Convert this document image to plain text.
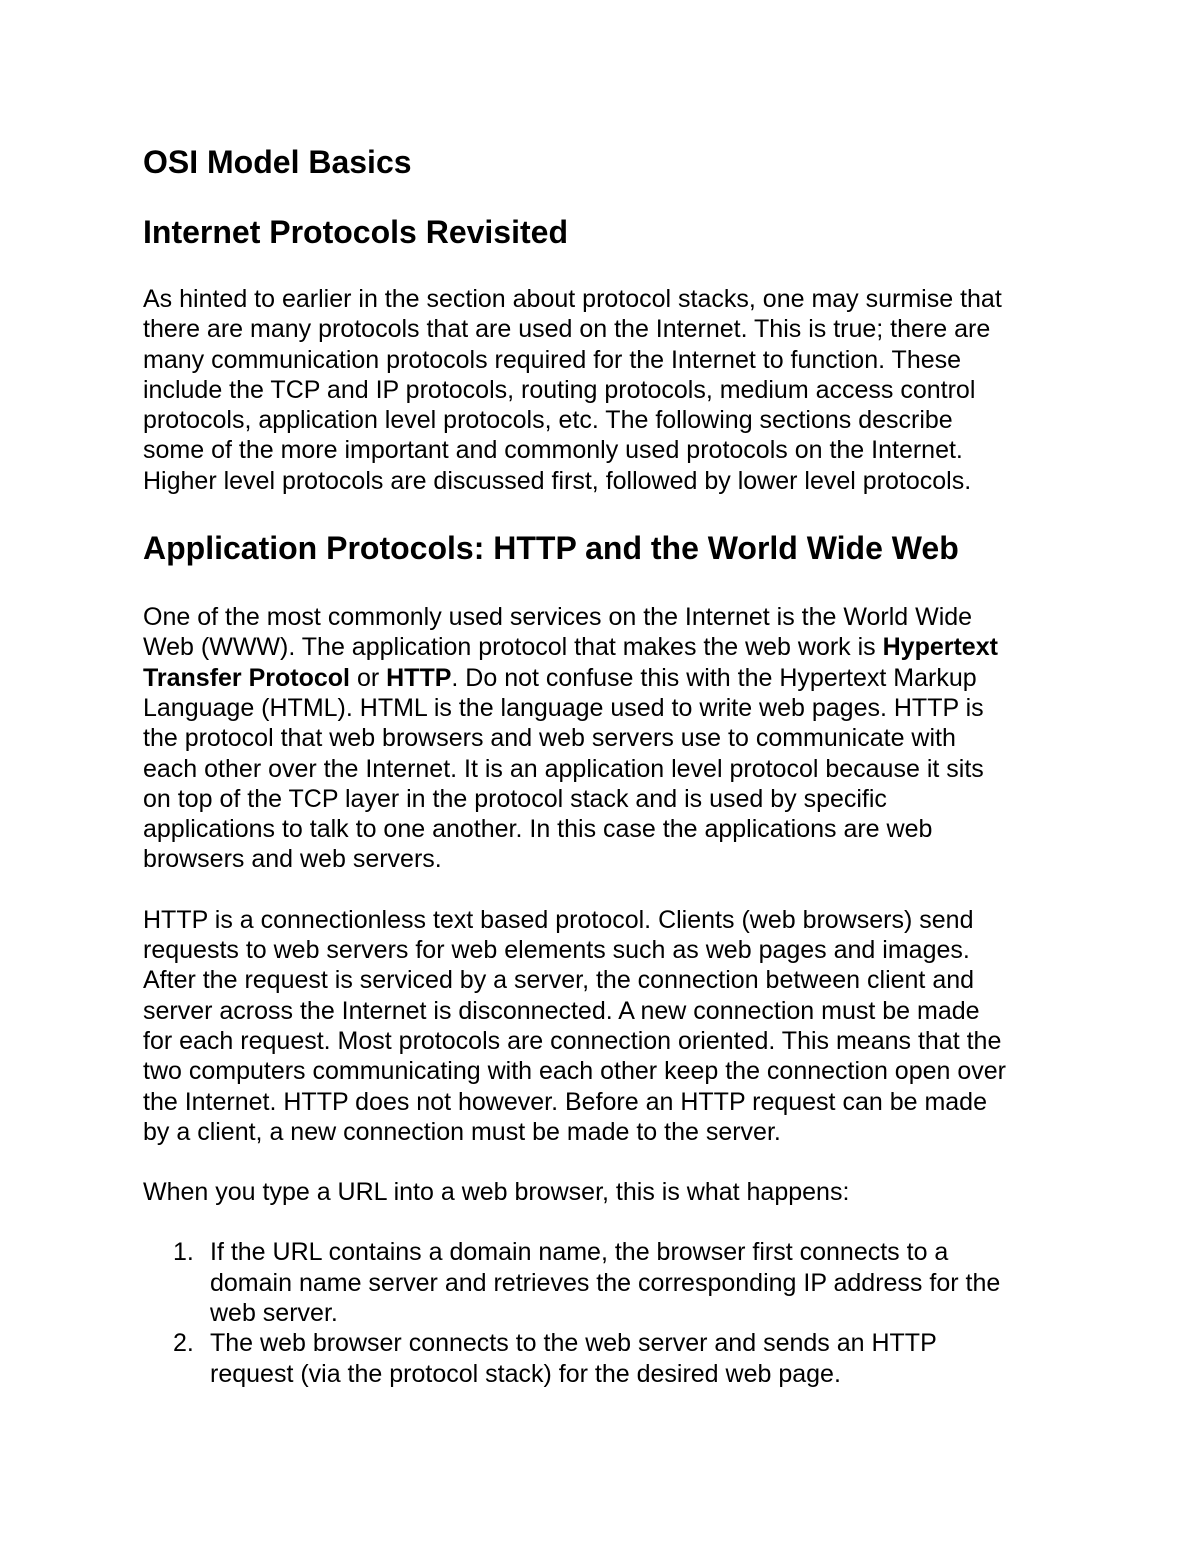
OSI Model Basics
Internet Protocols Revisited

As hinted to earlier in the section about protocol stacks, one may surmise that
there are many protocols that are used on the Internet. This is true; there are
many communication protocols required for the Internet to function. These
include the TCP and IP protocols, routing protocols, medium access control
protocols, application level protocols, etc. The following sections describe
some of the more important and commonly used protocols on the Internet.
Higher level protocols are discussed first, followed by lower level protocols.

Application Protocols: HTTP and the World Wide Web

One of the most commonly used services on the Internet is the World Wide
Web (WWW). The application protocol that makes the web work is Hypertext
Transfer Protocol or HTTP. Do not confuse this with the Hypertext Markup
Language (HTML). HTML is the language used to write web pages. HTTP is
the protocol that web browsers and web servers use to communicate with
each other over the Internet. It is an application level protocol because it sits
on top of the TCP layer in the protocol stack and is used by specific
applications to talk to one another. In this case the applications are web
browsers and web servers.

HTTP is a connectionless text based protocol. Clients (web browsers) send
requests to web servers for web elements such as web pages and images.
After the request is serviced by a server, the connection between client and
server across the Internet is disconnected. A new connection must be made
for each request. Most protocols are connection oriented. This means that the
two computers communicating with each other keep the connection open over
the Internet. HTTP does not however. Before an HTTP request can be made
by a client, a new connection must be made to the server.

When you type a URL into a web browser, this is what happens:

1. If the URL contains a domain name, the browser first connects to a
domain name server and retrieves the corresponding IP address for the
web server.
2. The web browser connects to the web server and sends an HTTP
request (via the protocol stack) for the desired web page.
